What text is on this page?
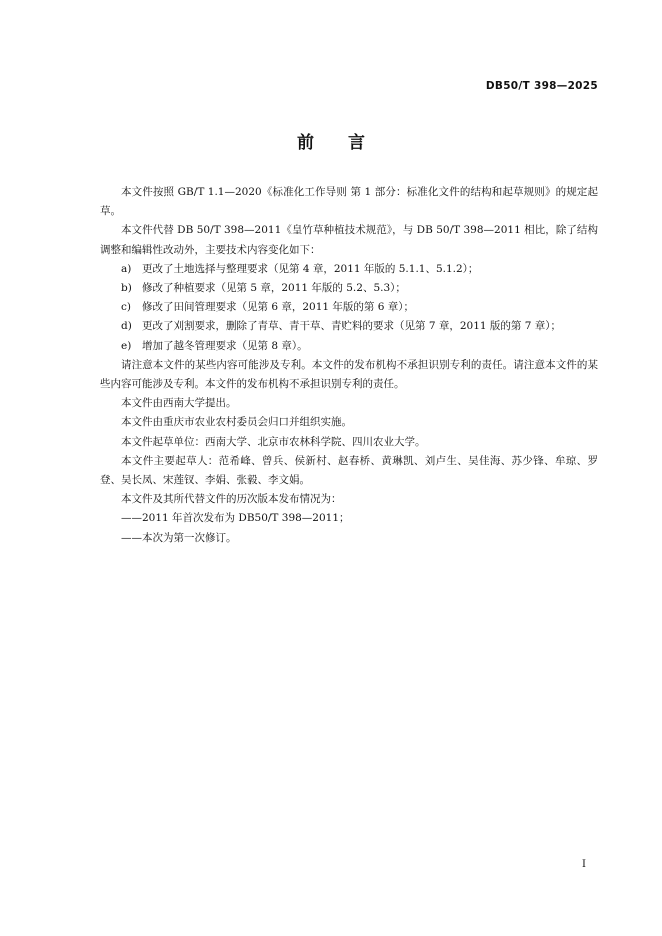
DB50/T 398—2025
前言

本文件按照 GB/T 1.1—2020《标准化工作导则 第 1 部分：标准化文件的结构和起草规则》的规定起草。

本文件代替 DB 50/T 398—2011《皇竹草种植技术规范》，与 DB 50/T 398—2011 相比，除了结构调整和编辑性改动外，主要技术内容变化如下：

a) 更改了土地选择与整理要求（见第 4 章，2011 年版的 5.1.1、5.1.2）；

b) 修改了种植要求（见第 5 章，2011 年版的 5.2、5.3）；

c) 修改了田间管理要求（见第 6 章，2011 年版的第 6 章）；

d) 更改了刈割要求，删除了青草、青干草、青贮料的要求（见第 7 章，2011 版的第 7 章）；

e) 增加了越冬管理要求（见第 8 章）。

请注意本文件的某些内容可能涉及专利。本文件的发布机构不承担识别专利的责任。请注意本文件的某些内容可能涉及专利。本文件的发布机构不承担识别专利的责任。

本文件由西南大学提出。

本文件由重庆市农业农村委员会归口并组织实施。

本文件起草单位：西南大学、北京市农林科学院、四川农业大学。

本文件主要起草人：范希峰、曾兵、侯新村、赵春桥、黄琳凯、刘卢生、吴佳海、苏少锋、牟琼、罗登、吴长凤、宋莲钗、李娟、张毅、李文娟。

本文件及其所代替文件的历次版本发布情况为：

——2011 年首次发布为 DB50/T 398—2011；

——本次为第一次修订。

I
